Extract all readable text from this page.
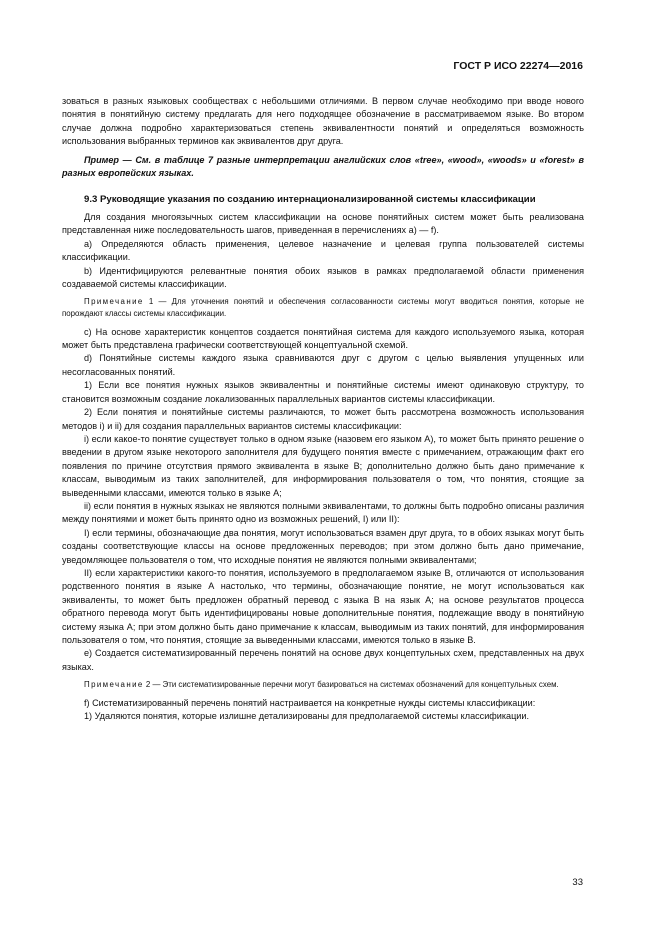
ГОСТ Р ИСО 22274—2016

зоваться в разных языковых сообществах с небольшими отличиями. В первом случае необходимо при вводе нового понятия в понятийную систему предлагать для него подходящее обозначение в рассматриваемом языке. Во втором случае должна подробно характеризоваться степень эквивалентности понятий и определяться возможность использования выбранных терминов как эквивалентов друг друга.

Пример — См. в таблице 7 разные интерпретации английских слов «tree», «wood», «woods» и «forest» в разных европейских языках.

9.3 Руководящие указания по созданию интернационализированной системы классификации

Для создания многоязычных систем классификации на основе понятийных систем может быть реализована представленная ниже последовательность шагов, приведенная в перечислениях а) — f).

а) Определяются область применения, целевое назначение и целевая группа пользователей системы классификации.

b) Идентифицируются релевантные понятия обоих языков в рамках предполагаемой области применения создаваемой системы классификации.

Примечание 1 — Для уточнения понятий и обеспечения согласованности системы могут вводиться понятия, которые не порождают классы системы классификации.

с) На основе характеристик концептов создается понятийная система для каждого используемого языка, которая может быть представлена графически соответствующей концептуальной схемой.

d) Понятийные системы каждого языка сравниваются друг с другом с целью выявления упущенных или несогласованных понятий.

1) Если все понятия нужных языков эквивалентны и понятийные системы имеют одинаковую структуру, то становится возможным создание локализованных параллельных вариантов системы классификации.

2) Если понятия и понятийные системы различаются, то может быть рассмотрена возможность использования методов i) и ii) для создания параллельных вариантов системы классификации:

i) если какое-то понятие существует только в одном языке (назовем его языком А), то может быть принято решение о введении в другом языке некоторого заполнителя для будущего понятия вместе с примечанием, отражающим факт его появления по причине отсутствия прямого эквивалента в языке В; дополнительно должно быть дано примечание к классам, выводимым из таких заполнителей, для информирования пользователя о том, что понятия, стоящие за выведенными классами, имеются только в языке А;

ii) если понятия в нужных языках не являются полными эквивалентами, то должны быть подробно описаны различия между понятиями и может быть принято одно из возможных решений, I) или II):

I) если термины, обозначающие два понятия, могут использоваться взамен друг друга, то в обоих языках могут быть созданы соответствующие классы на основе предложенных переводов; при этом должно быть дано примечание, уведомляющее пользователя о том, что исходные понятия не являются полными эквивалентами;

II) если характеристики какого-то понятия, используемого в предполагаемом языке В, отличаются от использования родственного понятия в языке А настолько, что термины, обозначающие понятие, не могут использоваться как эквиваленты, то может быть предложен обратный перевод с языка В на язык А; на основе результатов процесса обратного перевода могут быть идентифицированы новые дополнительные понятия, подлежащие вводу в понятийную систему языка А; при этом должно быть дано примечание к классам, выводимым из таких понятий, для информирования пользователя о том, что понятия, стоящие за выведенными классами, имеются только в языке В.

е) Создается систематизированный перечень понятий на основе двух концептульных схем, представленных на двух языках.

Примечание 2 — Эти систематизированные перечни могут базироваться на системах обозначений для концептульных схем.

f) Систематизированный перечень понятий настраивается на конкретные нужды системы классификации:

1) Удаляются понятия, которые излишне детализированы для предполагаемой системы классификации.

33
